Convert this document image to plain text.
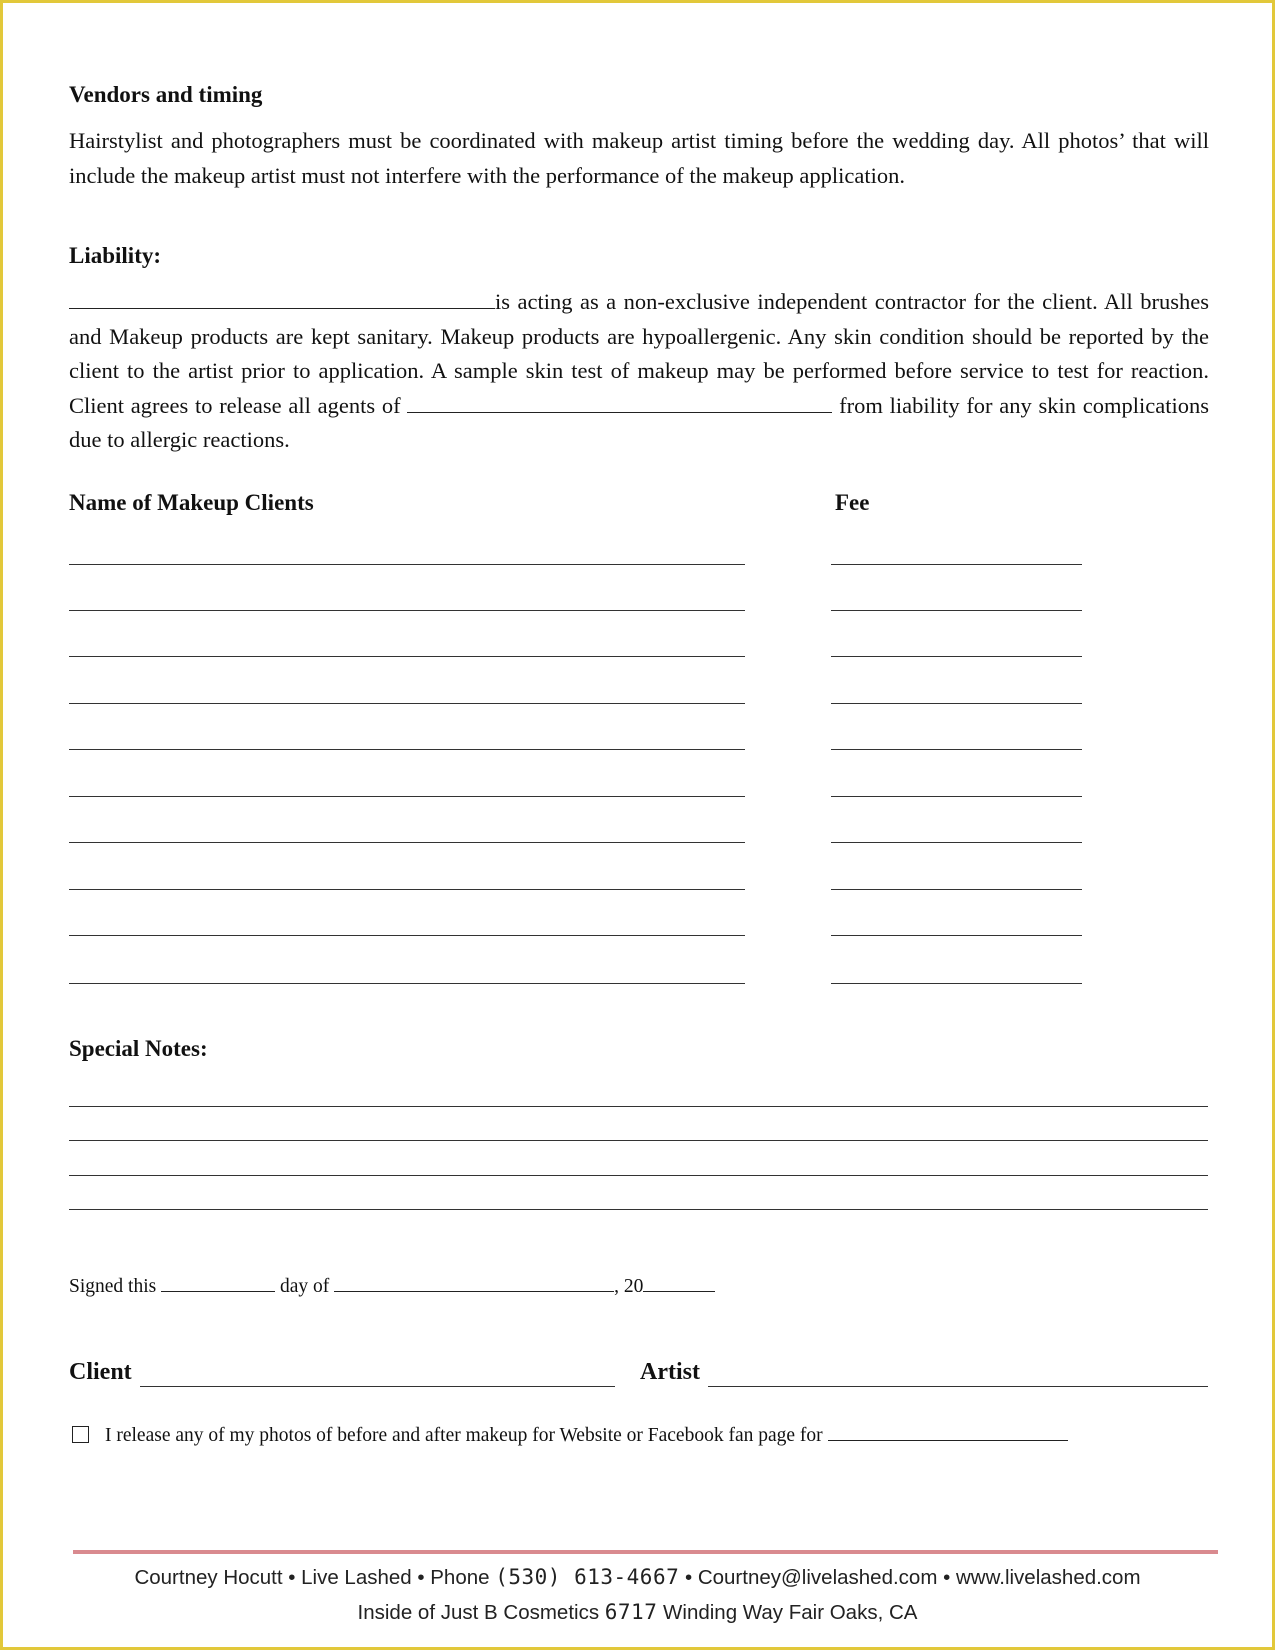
Vendors and timing
Hairstylist and photographers must be coordinated with makeup artist timing before the wedding day. All photos’ that will include the makeup artist must not interfere with the performance of the makeup application.
Liability:
is acting as a non-exclusive independent contractor for the client. All brushes and Makeup products are kept sanitary. Makeup products are hypoallergenic. Any skin condition should be reported by the client to the artist prior to application. A sample skin test of makeup may be performed before service to test for reaction. Client agrees to release all agents of	from liability for any skin complications due to allergic reactions.
Name of Makeup Clients	Fee
Special Notes:
Signed this	day of	, 20
Client	Artist
I release any of my photos of before and after makeup for Website or Facebook fan page for
Courtney Hocutt • Live Lashed • Phone (530) 613-4667 • Courtney@livelashed.com • www.livelashed.com
Inside of Just B Cosmetics 6717 Winding Way Fair Oaks, CA
